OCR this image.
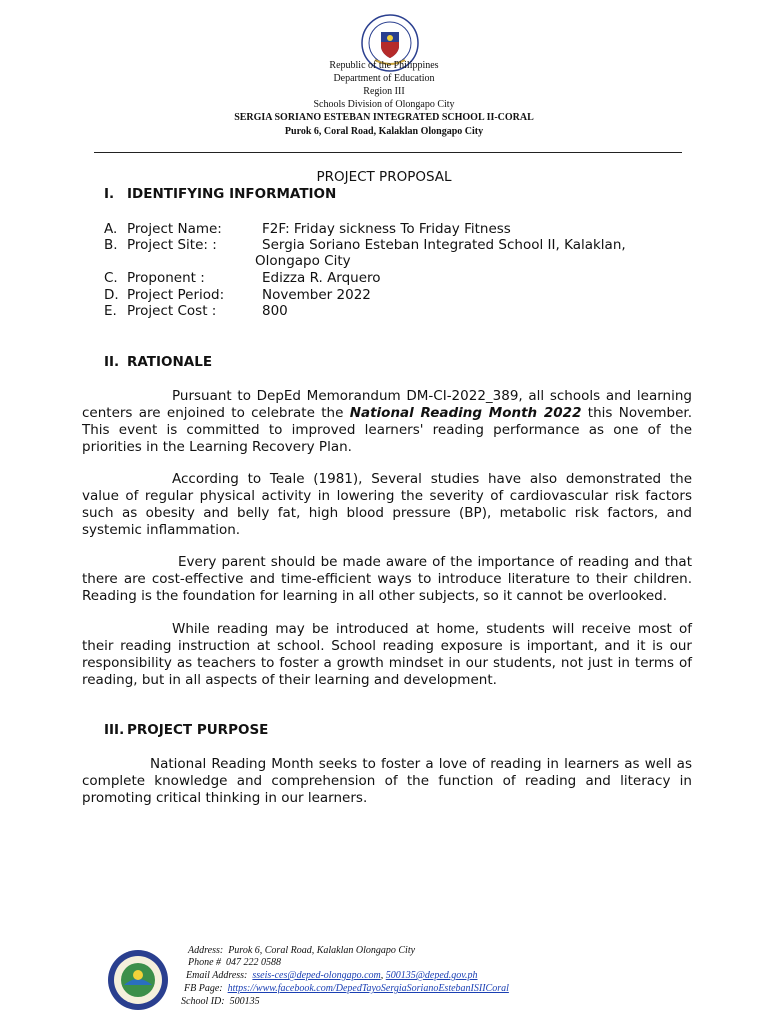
Republic of the Philippines
Department of Education
Region III
Schools Division of Olongapo City
SERGIA SORIANO ESTEBAN INTEGRATED SCHOOL II-CORAL
Purok 6, Coral Road, Kalaklan Olongapo City
PROJECT PROPOSAL
I. IDENTIFYING INFORMATION
A. Project Name:	F2F: Friday sickness To Friday Fitness
B. Project Site: :	Sergia Soriano Esteban Integrated School II, Kalaklan,
Olongapo City
C. Proponent :	Edizza R. Arquero
D. Project Period:	November 2022
E. Project Cost :	800
II. RATIONALE

Pursuant to DepEd Memorandum DM-CI-2022_389, all schools and learning centers are enjoined to celebrate the National Reading Month 2022 this November. This event is committed to improved learners' reading performance as one of the priorities in the Learning Recovery Plan.

According to Teale (1981), Several studies have also demonstrated the value of regular physical activity in lowering the severity of cardiovascular risk factors such as obesity and belly fat, high blood pressure (BP), metabolic risk factors, and systemic inflammation.

Every parent should be made aware of the importance of reading and that there are cost-effective and time-efficient ways to introduce literature to their children. Reading is the foundation for learning in all other subjects, so it cannot be overlooked.

While reading may be introduced at home, students will receive most of their reading instruction at school. School reading exposure is important, and it is our responsibility as teachers to foster a growth mindset in our students, not just in terms of reading, but in all aspects of their learning and development.

III. PROJECT PURPOSE

National Reading Month seeks to foster a love of reading in learners as well as complete knowledge and comprehension of the function of reading and literacy in promoting critical thinking in our learners.

Address: Purok 6, Coral Road, Kalaklan Olongapo City
Phone # 047 222 0588
Email Address: sseis-ces@deped-olongapo.com, 500135@deped.gov.ph
FB Page: https://www.facebook.com/DepedTayoSergiaSorianoEstebanISIICoral
School ID: 500135
